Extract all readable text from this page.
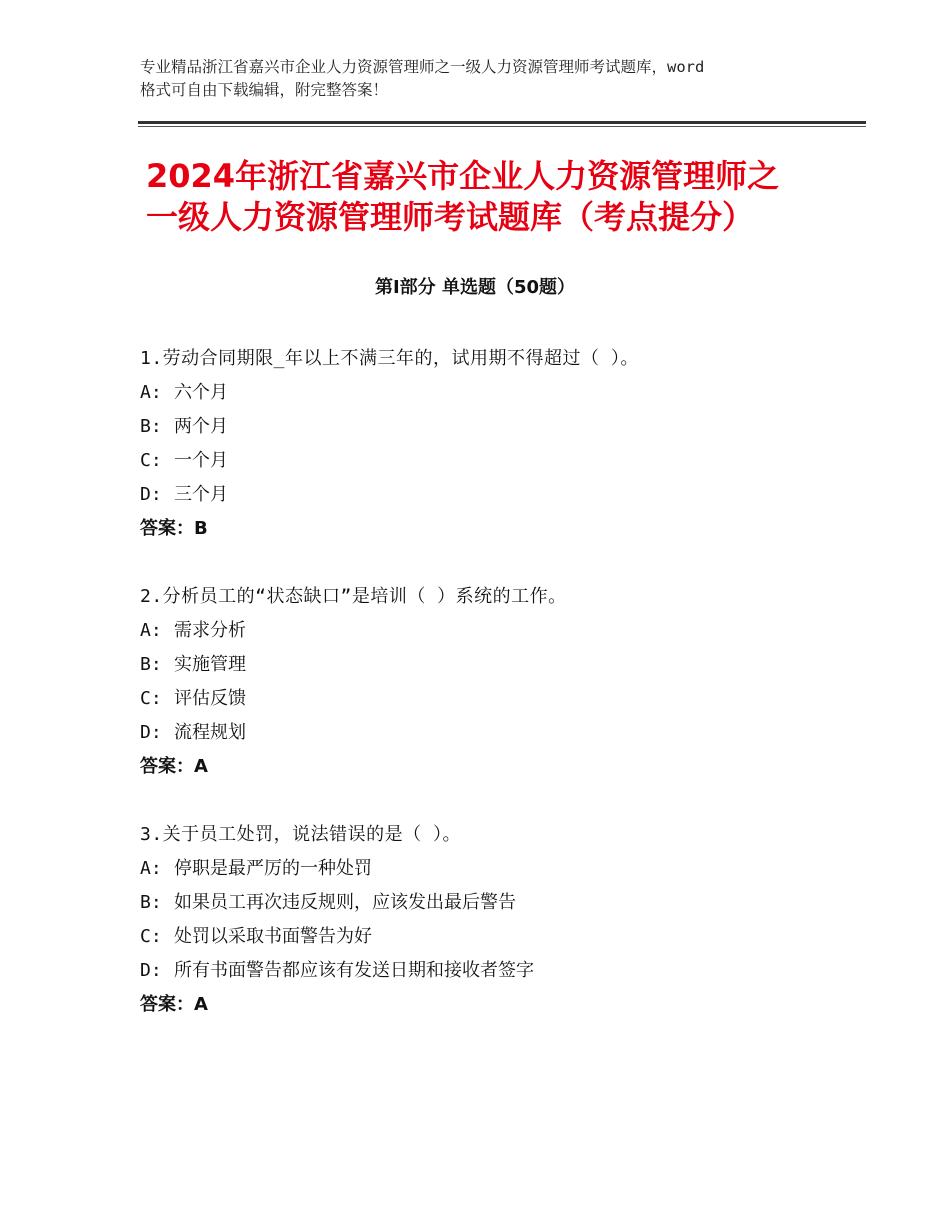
专业精品浙江省嘉兴市企业人力资源管理师之一级人力资源管理师考试题库，word
格式可自由下载编辑，附完整答案！
2024年浙江省嘉兴市企业人力资源管理师之
一级人力资源管理师考试题库（考点提分）
第Ⅰ部分 单选题（50题）
1.劳动合同期限_年以上不满三年的，试用期不得超过（ ）。
A: 六个月
B: 两个月
C: 一个月
D: 三个月
答案：B
2.分析员工的“状态缺口”是培训（ ）系统的工作。
A: 需求分析
B: 实施管理
C: 评估反馈
D: 流程规划
答案：A
3.关于员工处罚，说法错误的是（ ）。
A: 停职是最严厉的一种处罚
B: 如果员工再次违反规则，应该发出最后警告
C: 处罚以采取书面警告为好
D: 所有书面警告都应该有发送日期和接收者签字
答案：A
